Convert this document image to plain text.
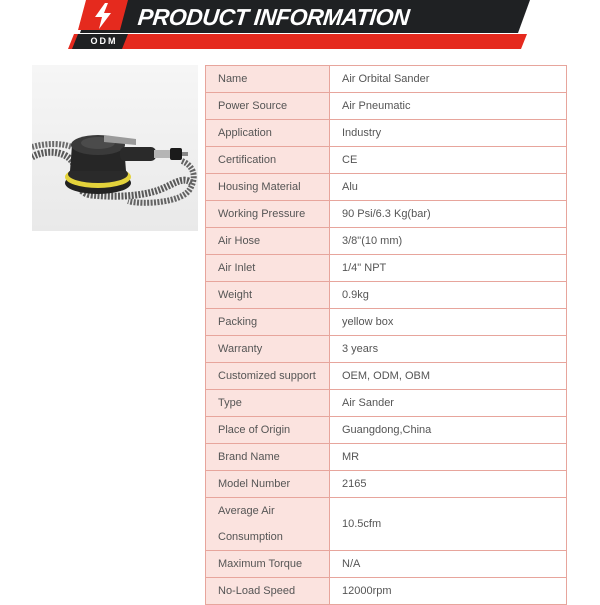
PRODUCT INFORMATION
ODM
Name	Air Orbital Sander
Power Source	Air Pneumatic
Application	Industry
Certification	CE
Housing Material	Alu
Working Pressure	90 Psi/6.3 Kg(bar)
Air Hose	3/8"(10 mm)
Air Inlet	1/4" NPT
Weight	0.9kg
Packing	yellow box
Warranty	3 years
Customized support	OEM, ODM, OBM
Type	Air Sander
Place of Origin	Guangdong,China
Brand Name	MR
Model Number	2165
Average Air Consumption	10.5cfm
Maximum Torque	N/A
No-Load Speed	12000rpm
